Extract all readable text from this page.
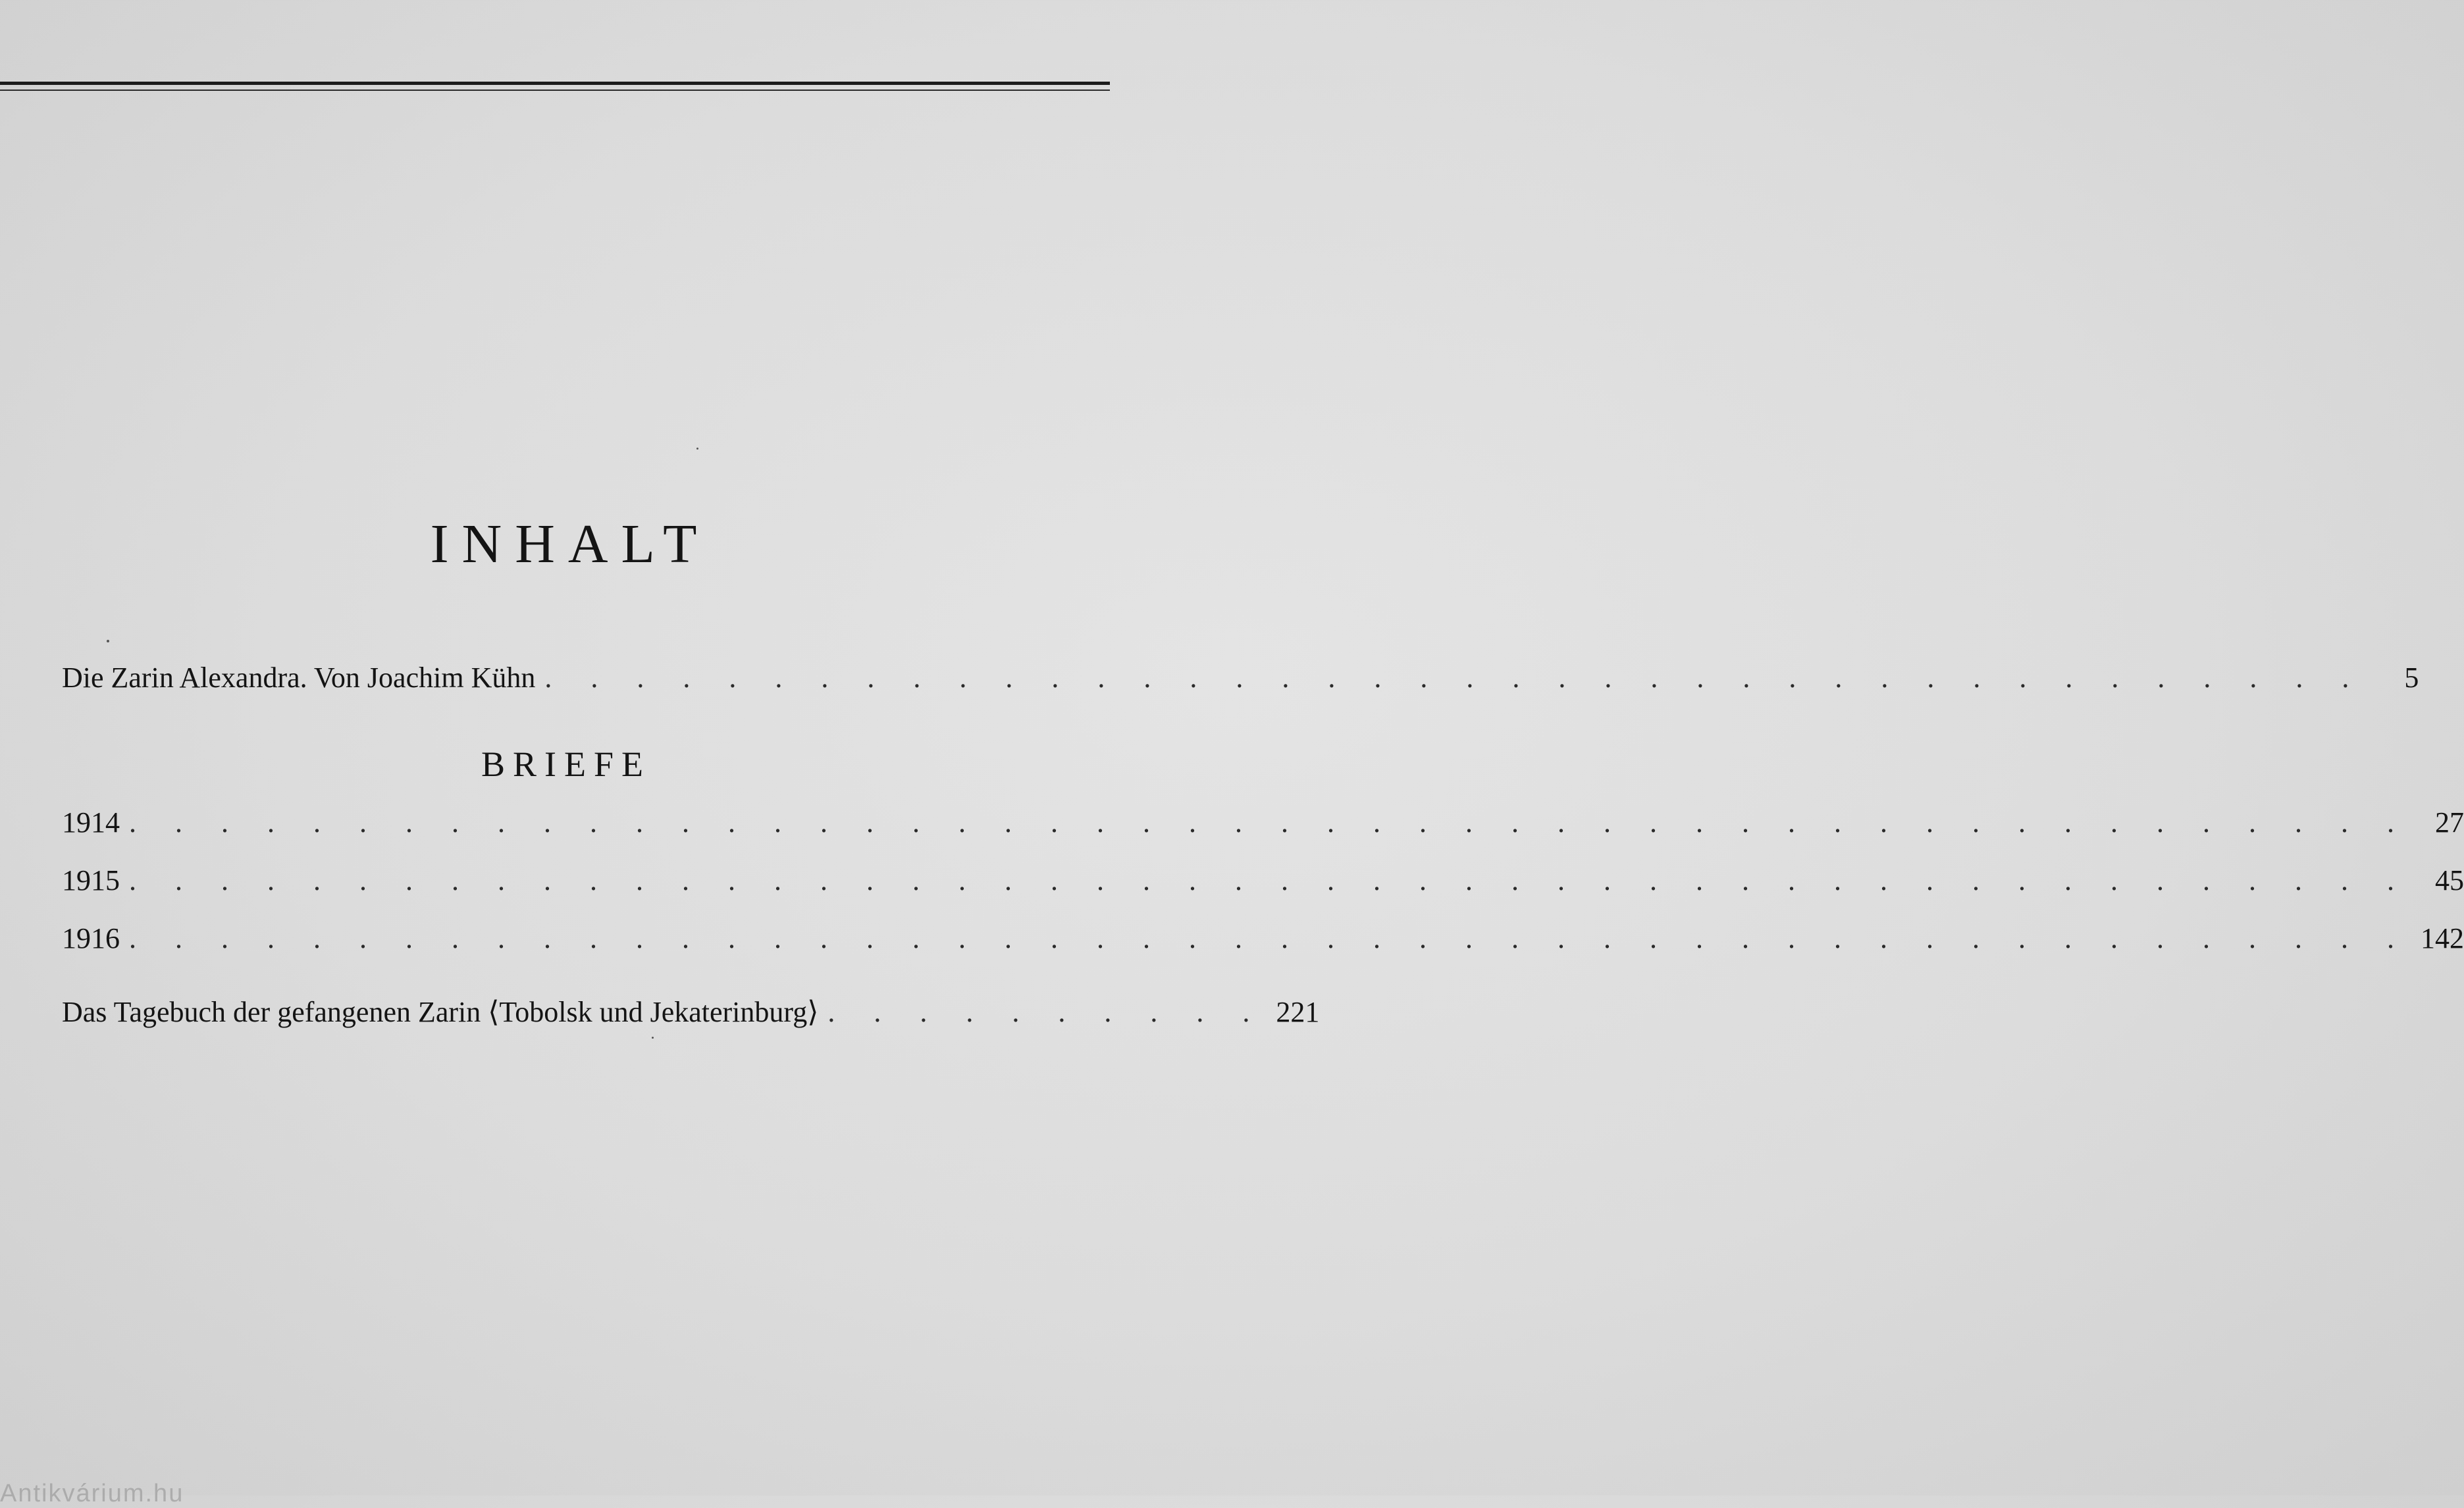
INHALT
Die Zarin Alexandra. Von Joachim Kühn . . . . . . . . . . . . . . . . . . . . . . . . . . . . . . . . . . . . . . . .	5
BRIEFE
1914 . . . . . . . . . . . . . . . . . . . . . . . . . . . . . . . . . . . . . . . . . . . . . . . . . . 27
1915 . . . . . . . . . . . . . . . . . . . . . . . . . . . . . . . . . . . . . . . . . . . . . . . . . . 45
1916 . . . . . . . . . . . . . . . . . . . . . . . . . . . . . . . . . . . . . . . . . . . . . . . . . . 142
Das Tagebuch der gefangenen Zarin ⟨Tobolsk und Jekaterinburg⟩ . . . . . . . . . . 221
Antikvárium.hu
